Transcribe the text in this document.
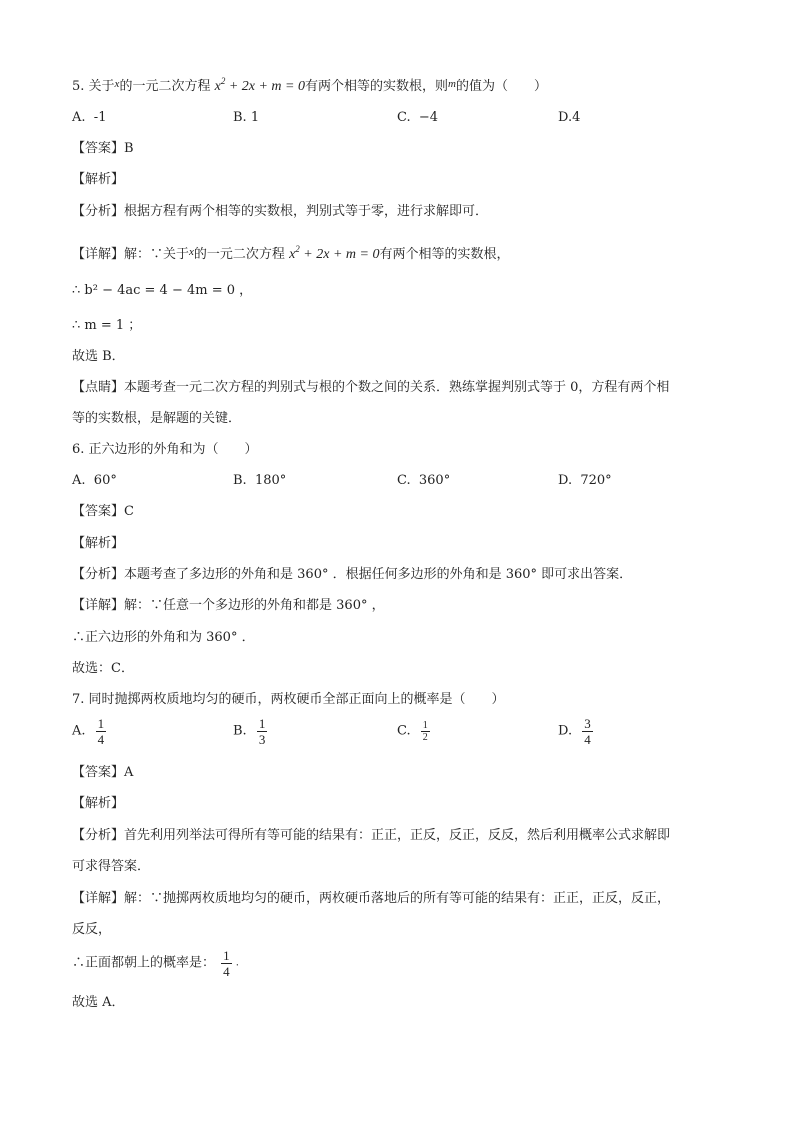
5. 关于$^x$的一元二次方程 $x^2 + 2x + m = 0$有两个相等的实数根，则$^m$的值为（　　）
A. -1	B. 1	C. −4	D.4
【答案】B
【解析】
【分析】根据方程有两个相等的实数根，判别式等于零，进行求解即可．
【详解】解：∵关于$^x$的一元二次方程 $x^2 + 2x + m = 0$有两个相等的实数根，
∴ b² − 4ac = 4 − 4m = 0 ，
∴ m = 1 ；
故选 B．
【点睛】本题考查一元二次方程的判别式与根的个数之间的关系．熟练掌握判别式等于 0，方程有两个相
等的实数根，是解题的关键．
6. 正六边形的外角和为（　　）
A. 60°	B. 180°	C. 360°	D. 720°
【答案】C
【解析】
【分析】本题考查了多边形的外角和是 360° ．根据任何多边形的外角和是 360° 即可求出答案．
【详解】解：∵任意一个多边形的外角和都是 360° ，
∴正六边形的外角和为 360° ．
故选：C．
7. 同时抛掷两枚质地均匀的硬币，两枚硬币全部正面向上的概率是（　　）
A. $\frac{1}{4}$	B. $\frac{1}{3}$	C. $\frac{1}{2}$	D. $\frac{3}{4}$
【答案】A
【解析】
【分析】首先利用列举法可得所有等可能的结果有：正正，正反，反正，反反，然后利用概率公式求解即
可求得答案．
【详解】解：∵抛掷两枚质地均匀的硬币，两枚硬币落地后的所有等可能的结果有：正正，正反，反正，
反反，
∴正面都朝上的概率是： $\frac{1}{4}$ .
故选 A．
